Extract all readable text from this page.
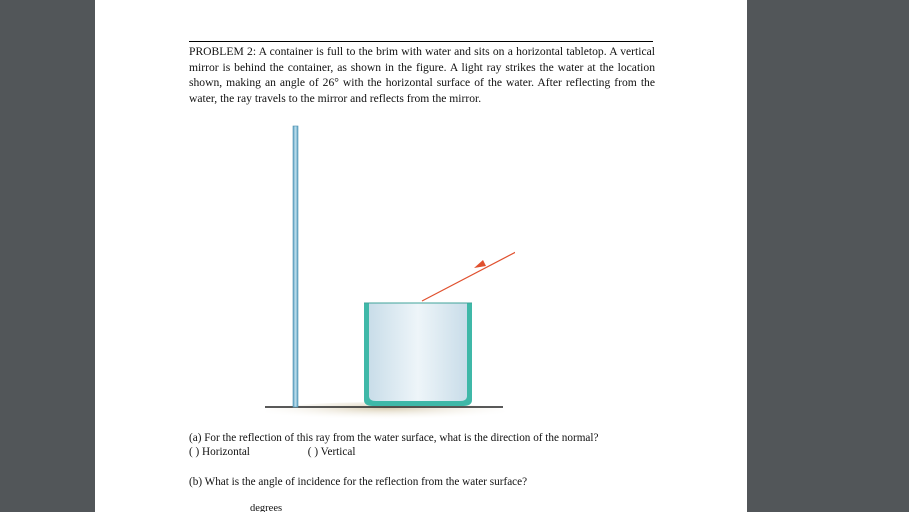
PROBLEM 2: A container is full to the brim with water and sits on a horizontal tabletop. A vertical mirror is behind the container, as shown in the figure. A light ray strikes the water at the location shown, making an angle of 26° with the horizontal surface of the water. After reflecting from the water, the ray travels to the mirror and reflects from the mirror.

(a) For the reflection of this ray from the water surface, what is the direction of the normal?

( ) Horizontal	( ) Vertical

(b) What is the angle of incidence for the reflection from the water surface?

degrees
